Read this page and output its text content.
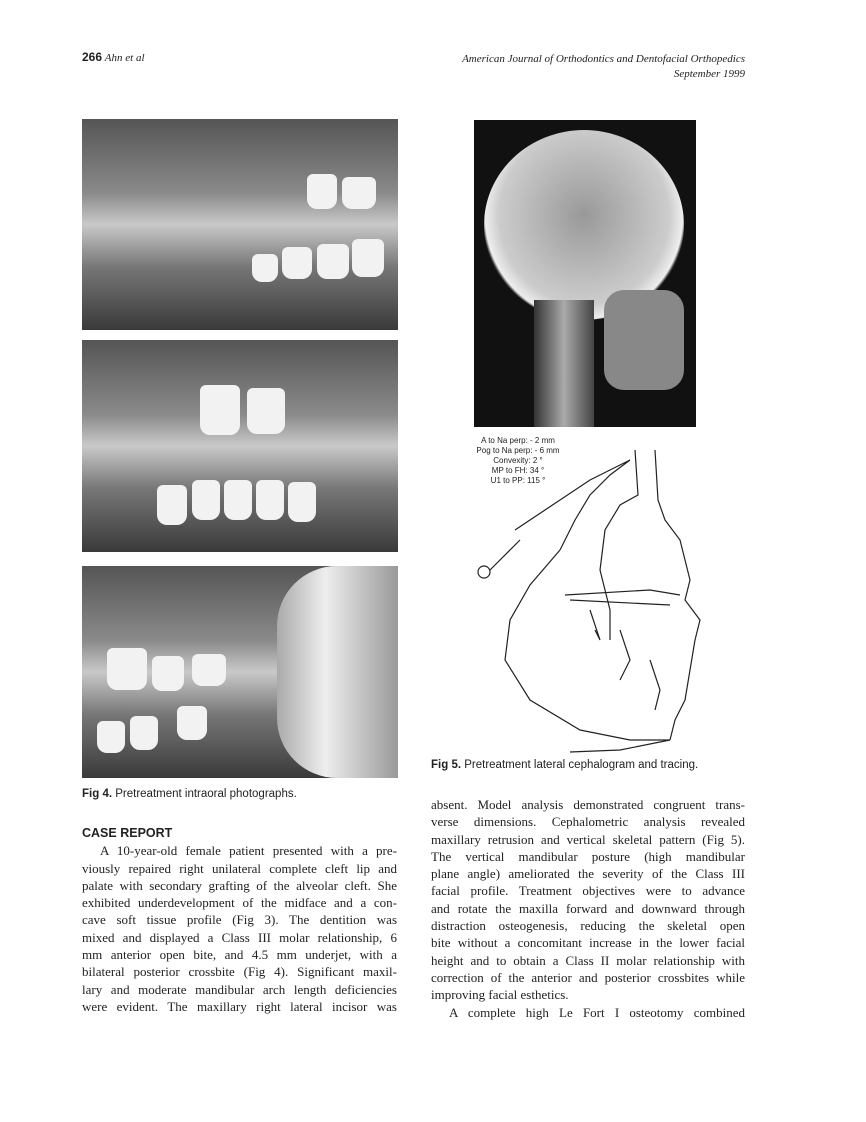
266 Ahn et al	American Journal of Orthodontics and Dentofacial Orthopedics
September 1999
Fig 4. Pretreatment intraoral photographs.
A to Na perp: - 2 mm
Pog to Na perp: - 6 mm
Convexity: 2 °
MP to FH: 34 °
U1 to PP: 115 °
Fig 5. Pretreatment lateral cephalogram and tracing.
CASE REPORT
A 10-year-old female patient presented with a pre-
viously repaired right unilateral complete cleft lip and
palate with secondary grafting of the alveolar cleft. She
exhibited underdevelopment of the midface and a con-
cave soft tissue profile (Fig 3). The dentition was
mixed and displayed a Class III molar relationship, 6
mm anterior open bite, and 4.5 mm underjet, with a
bilateral posterior crossbite (Fig 4). Significant maxil-
lary and moderate mandibular arch length deficiencies
were evident. The maxillary right lateral incisor was
absent. Model analysis demonstrated congruent trans-
verse dimensions. Cephalometric analysis revealed
maxillary retrusion and vertical skeletal pattern (Fig 5).
The vertical mandibular posture (high mandibular
plane angle) ameliorated the severity of the Class III
facial profile. Treatment objectives were to advance
and rotate the maxilla forward and downward through
distraction osteogenesis, reducing the skeletal open
bite without a concomitant increase in the lower facial
height and to obtain a Class II molar relationship with
correction of the anterior and posterior crossbites while
improving facial esthetics.
A complete high Le Fort I osteotomy combined
